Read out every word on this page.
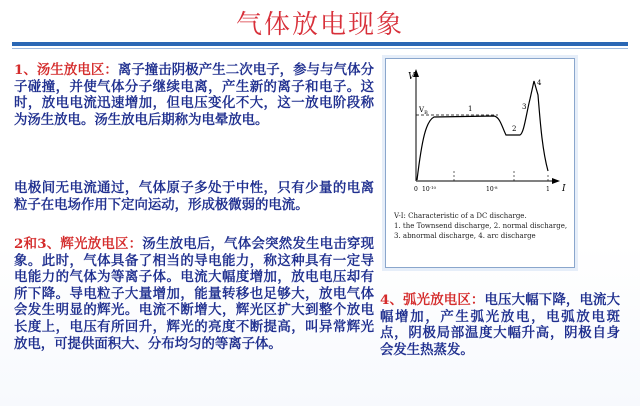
气体放电现象
1、汤生放电区：离子撞击阴极产生二次电子，参与与气体分子碰撞，并使气体分子继续电离，产生新的离子和电子。这时，放电电流迅速增加，但电压变化不大，这一放电阶段称为汤生放电。汤生放电后期称为电晕放电。
电极间无电流通过，气体原子多处于中性，只有少量的电离粒子在电场作用下定向运动，形成极微弱的电流。
2和3、辉光放电区：汤生放电后，气体会突然发生电击穿现象。此时，气体具备了相当的导电能力，称这种具有一定导电能力的气体为等离子体。电流大幅度增加，放电电压却有所下降。导电粒子大量增加，能量转移也足够大，放电气体会发生明显的辉光。电流不断增大，辉光区扩大到整个放电长度上，电压有所回升，辉光的亮度不断提高，叫异常辉光放电，可提供面积大、分布均匀的等离子体。
4、弧光放电区：电压大幅下降，电流大幅增加，产生弧光放电，电弧放电斑点，阴极局部温度大幅升高，阴极自身会发生热蒸发。
V
I
$V_B$	1
2
3
4
0 $10^{-10}$	$10^{-8}$	1
V-I: Characteristic of a DC discharge.
1. the Townsend discharge, 2. normal discharge,
3. abnormal discharge, 4. arc discharge
